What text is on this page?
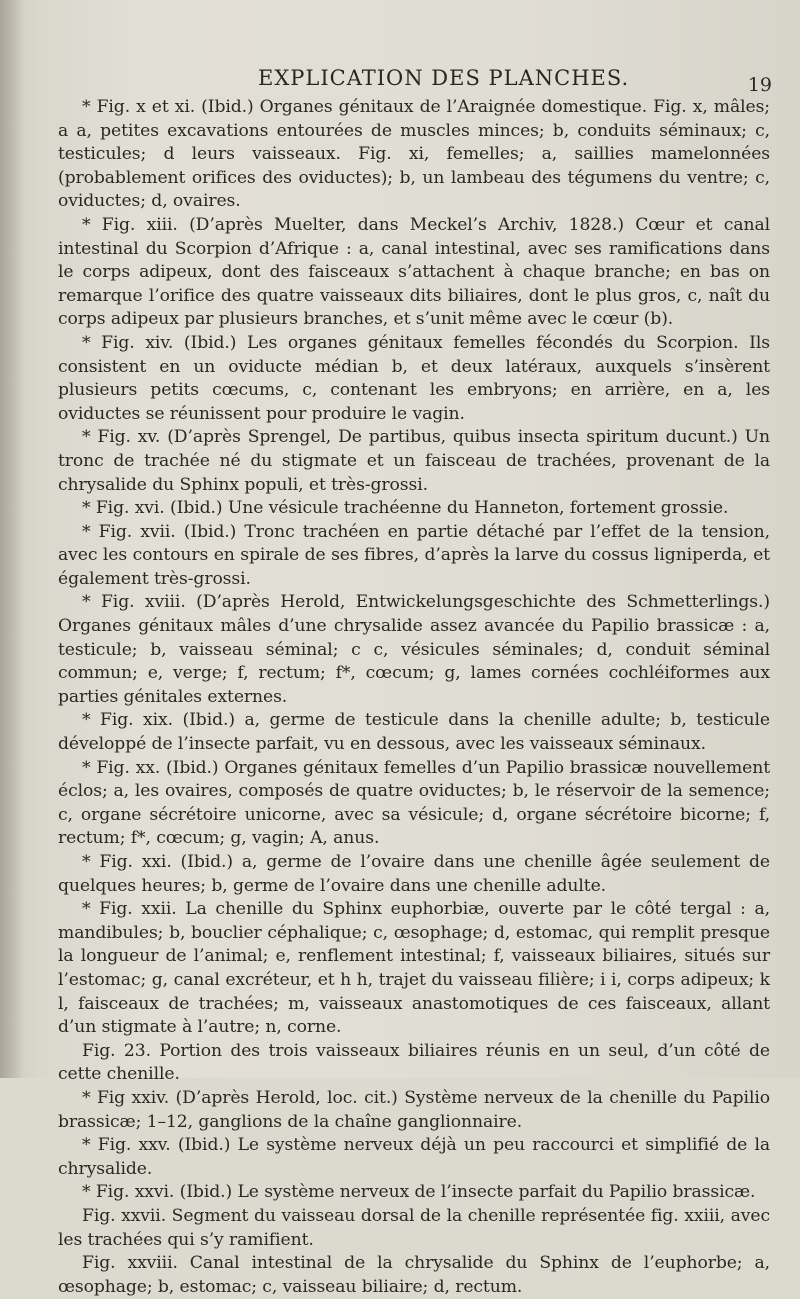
EXPLICATION DES PLANCHES.	19

* Fig. x et xi. (Ibid.) Organes génitaux de l’Araignée domestique. Fig. x, mâles; a a, petites excavations entourées de muscles minces; b, conduits séminaux; c, testicules; d leurs vaisseaux. Fig. xi, femelles; a, saillies mamelonnées (probablement orifices des oviductes); b, un lambeau des tégumens du ventre; c, oviductes; d, ovaires.

* Fig. xiii. (D’après Muelter, dans Meckel’s Archiv, 1828.) Cœur et canal intestinal du Scorpion d’Afrique : a, canal intestinal, avec ses ramifications dans le corps adipeux, dont des faisceaux s’attachent à chaque branche; en bas on remarque l’orifice des quatre vaisseaux dits biliaires, dont le plus gros, c, naît du corps adipeux par plusieurs branches, et s’unit même avec le cœur (b).

* Fig. xiv. (Ibid.) Les organes génitaux femelles fécondés du Scorpion. Ils consistent en un oviducte médian b, et deux latéraux, auxquels s’insèrent plusieurs petits cœcums, c, contenant les embryons; en arrière, en a, les oviductes se réunissent pour produire le vagin.

* Fig. xv. (D’après Sprengel, De partibus, quibus insecta spiritum ducunt.) Un tronc de trachée né du stigmate et un faisceau de trachées, provenant de la chrysalide du Sphinx populi, et très-grossi.

* Fig. xvi. (Ibid.) Une vésicule trachéenne du Hanneton, fortement grossie.

* Fig. xvii. (Ibid.) Tronc trachéen en partie détaché par l’effet de la tension, avec les contours en spirale de ses fibres, d’après la larve du cossus ligniperda, et également très-grossi.

* Fig. xviii. (D’après Herold, Entwickelungsgeschichte des Schmetterlings.) Organes génitaux mâles d’une chrysalide assez avancée du Papilio brassicæ : a, testicule; b, vaisseau séminal; c c, vésicules séminales; d, conduit séminal commun; e, verge; f, rectum; f*, cœcum; g, lames cornées cochléiformes aux parties génitales externes.

* Fig. xix. (Ibid.) a, germe de testicule dans la chenille adulte; b, testicule développé de l’insecte parfait, vu en dessous, avec les vaisseaux séminaux.

* Fig. xx. (Ibid.) Organes génitaux femelles d’un Papilio brassicæ nouvellement éclos; a, les ovaires, composés de quatre oviductes; b, le réservoir de la semence; c, organe sécrétoire unicorne, avec sa vésicule; d, organe sécrétoire bicorne; f, rectum; f*, cœcum; g, vagin; A, anus.

* Fig. xxi. (Ibid.) a, germe de l’ovaire dans une chenille âgée seulement de quelques heures; b, germe de l’ovaire dans une chenille adulte.

* Fig. xxii. La chenille du Sphinx euphorbiæ, ouverte par le côté tergal : a, mandibules; b, bouclier céphalique; c, œsophage; d, estomac, qui remplit presque la longueur de l’animal; e, renflement intestinal; f, vaisseaux biliaires, situés sur l’estomac; g, canal excréteur, et h h, trajet du vaisseau filière; i i, corps adipeux; k l, faisceaux de trachées; m, vaisseaux anastomotiques de ces faisceaux, allant d’un stigmate à l’autre; n, corne.

Fig. 23. Portion des trois vaisseaux biliaires réunis en un seul, d’un côté de cette chenille.

* Fig xxiv. (D’après Herold, loc. cit.) Système nerveux de la chenille du Papilio brassicæ; 1–12, ganglions de la chaîne ganglionnaire.

* Fig. xxv. (Ibid.) Le système nerveux déjà un peu raccourci et simplifié de la chrysalide.

* Fig. xxvi. (Ibid.) Le système nerveux de l’insecte parfait du Papilio brassicæ.

Fig. xxvii. Segment du vaisseau dorsal de la chenille représentée fig. xxiii, avec les trachées qui s’y ramifient.

Fig. xxviii. Canal intestinal de la chrysalide du Sphinx de l’euphorbe; a, œsophage; b, estomac; c, vaisseau biliaire; d, rectum.
